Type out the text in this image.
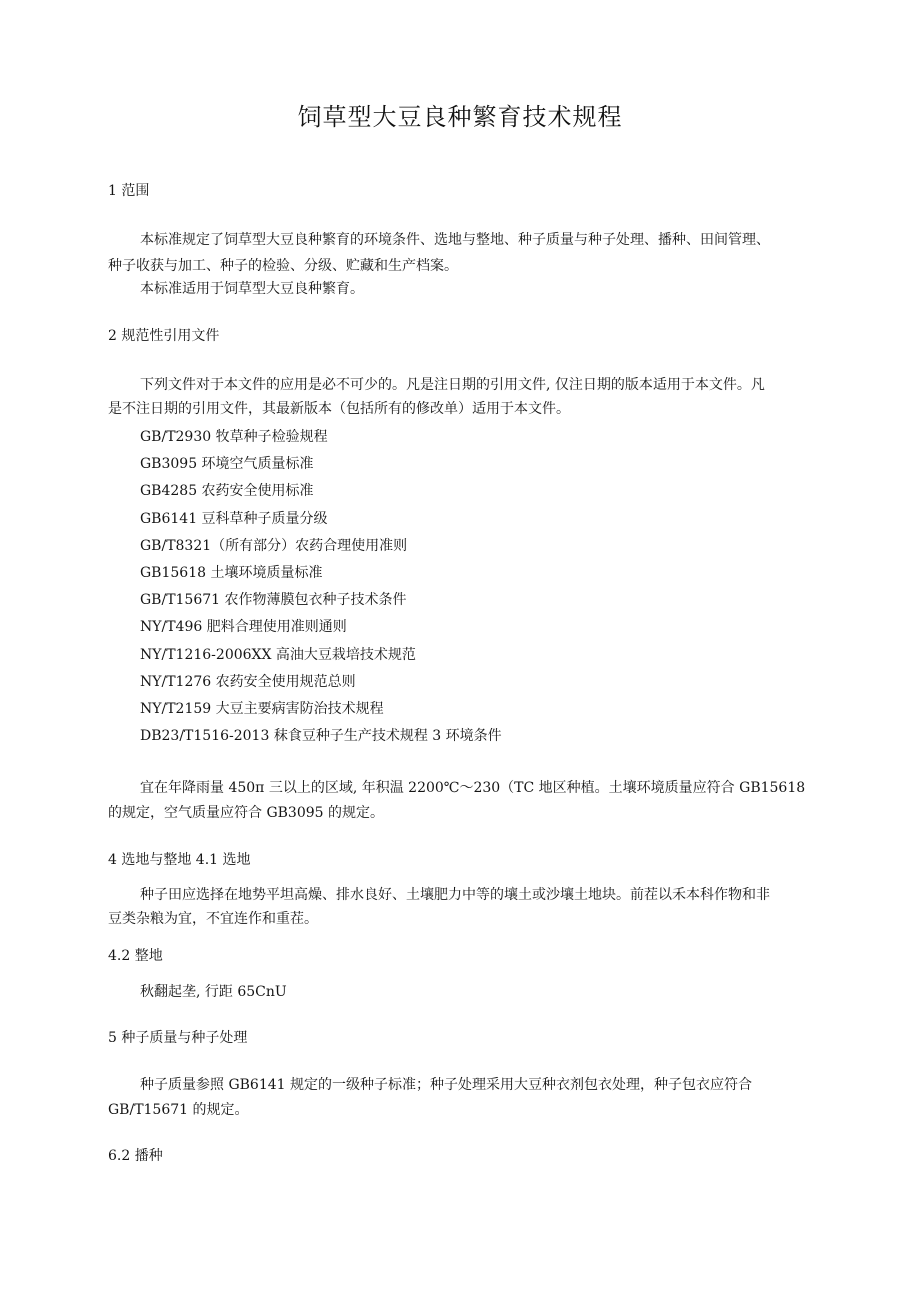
饲草型大豆良种繁育技术规程
1 范围
本标准规定了饲草型大豆良种繁育的环境条件、选地与整地、种子质量与种子处理、播种、田间管理、
种子收获与加工、种子的检验、分级、贮藏和生产档案。
本标准适用于饲草型大豆良种繁育。
2 规范性引用文件
下列文件对于本文件的应用是必不可少的。凡是注日期的引用文件, 仅注日期的版本适用于本文件。凡
是不注日期的引用文件，其最新版本（包括所有的修改单）适用于本文件。
GB/T2930 牧草种子检验规程
GB3095 环境空气质量标准
GB4285 农药安全使用标准
GB6141 豆科草种子质量分级
GB/T8321（所有部分）农药合理使用准则
GB15618 土壤环境质量标准
GB/T15671 农作物薄膜包衣种子技术条件
NY/T496 肥料合理使用准则通则
NY/T1216-2006XX 高油大豆栽培技术规范
NY/T1276 农药安全使用规范总则
NY/T2159 大豆主要病害防治技术规程
DB23/T1516-2013 秣食豆种子生产技术规程 3 环境条件
宜在年降雨量 450π 三以上的区域, 年积温 2200℃～230（TC 地区种植。土壤环境质量应符合 GB15618
的规定，空气质量应符合 GB3095 的规定。
4 选地与整地 4.1 选地
种子田应选择在地势平坦高燥、排水良好、土壤肥力中等的壤土或沙壤土地块。前茬以禾本科作物和非
豆类杂粮为宜，不宜连作和重茬。
4.2 整地
秋翻起垄, 行距 65CnU
5 种子质量与种子处理
种子质量参照 GB6141 规定的一级种子标准；种子处理采用大豆种衣剂包衣处理，种子包衣应符合
GB/T15671 的规定。
6.2 播种
